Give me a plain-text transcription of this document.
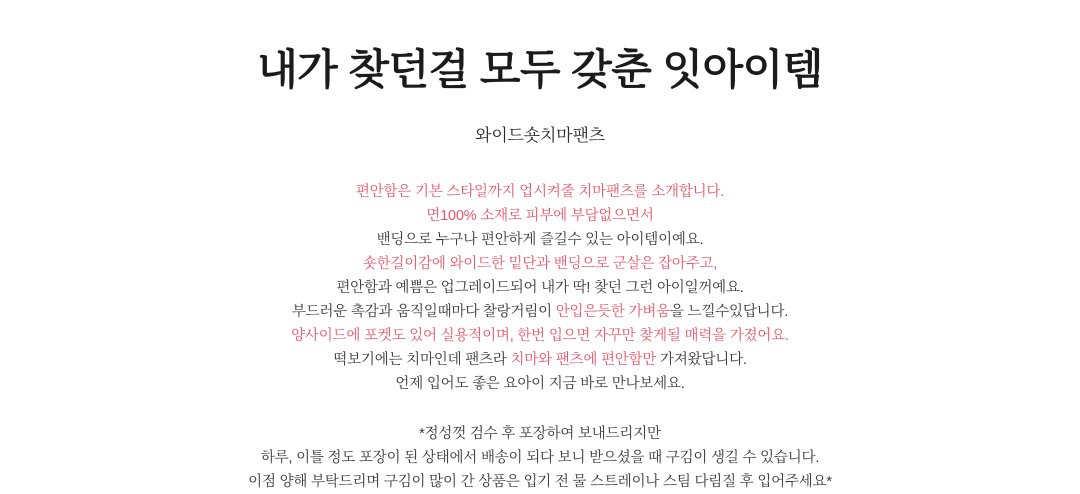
내가 찾던걸 모두 갖춘 잇아이템
와이드숏치마팬츠
편안함은 기본 스타일까지 업시켜줄 치마팬츠를 소개합니다.
면100% 소재로 피부에 부담없으면서
밴딩으로 누구나 편안하게 즐길수 있는 아이템이예요.
숏한길이감에 와이드한 밑단과 밴딩으로 군살은 잡아주고,
편안함과 예쁨은 업그레이드되어 내가 딱! 찾던 그런 아이일꺼예요.
부드러운 촉감과 움직일때마다 찰랑거림이 안입은듯한 가벼움을 느낄수있답니다.
양사이드에 포켓도 있어 실용적이며, 한번 입으면 자꾸만 찾게될 매력을 가졌어요.
떡보기에는 치마인데 팬츠라 치마와 팬츠에 편안함만 가져왔답니다.
언제 입어도 좋은 요아이 지금 바로 만나보세요.
*정성껏 검수 후 포장하여 보내드리지만
하루, 이틀 정도 포장이 된 상태에서 배송이 되다 보니 받으셨을 때 구김이 생길 수 있습니다.
이점 양해 부탁드리며 구김이 많이 간 상품은 입기 전 물 스트레이나 스팀 다림질 후 입어주세요*
